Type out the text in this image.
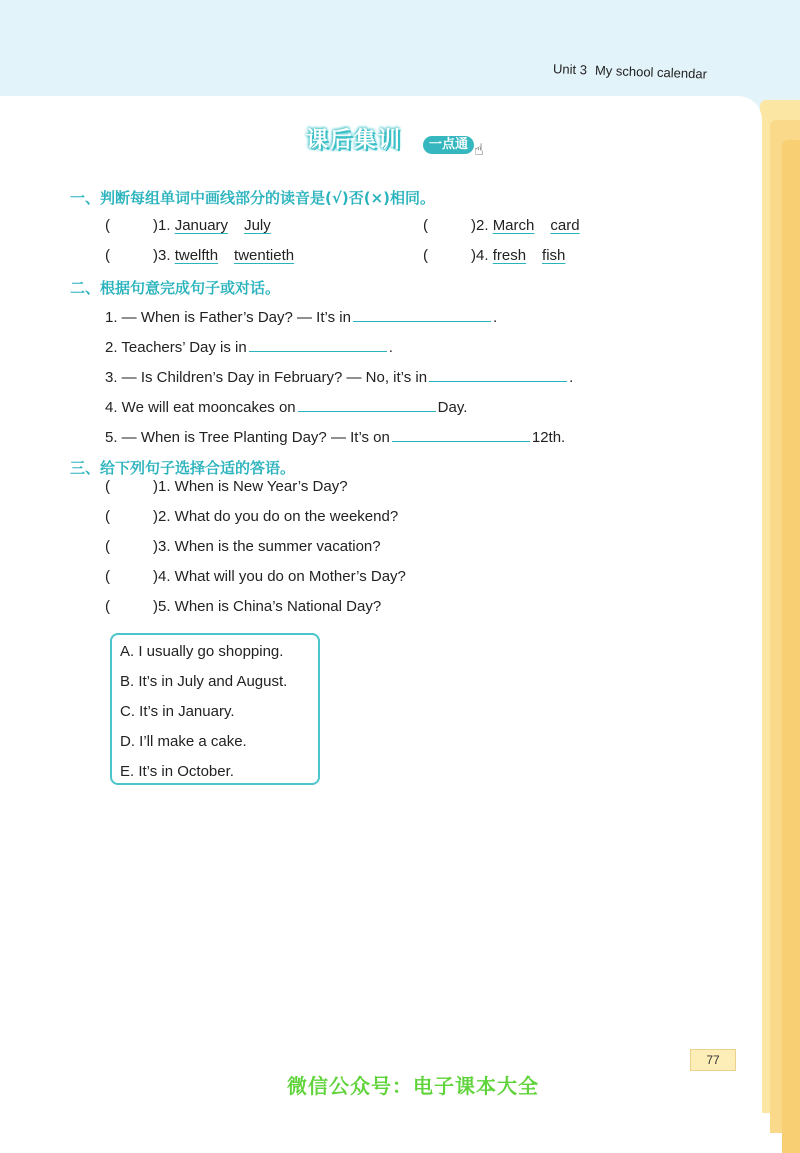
Unit 3 My school calendar
课后集训	一点通 ☝
一、判断每组单词中画线部分的读音是(√)否(×)相同。
(	)1. January July	(	)2. March card
(	)3. twelfth twentieth	(	)4. fresh fish
二、根据句意完成句子或对话。
1. — When is Father’s Day? — It’s in	.
2. Teachers’ Day is in	.
3. — Is Children’s Day in February? — No, it’s in	.
4. We will eat mooncakes on	Day.
5. — When is Tree Planting Day? — It’s on	12th.
三、给下列句子选择合适的答语。
(	)1. When is New Year’s Day?
(	)2. What do you do on the weekend?
(	)3. When is the summer vacation?
(	)4. What will you do on Mother’s Day?
(	)5. When is China’s National Day?
A. I usually go shopping.
B. It’s in July and August.
C. It’s in January.
D. I’ll make a cake.
E. It’s in October.
77
微信公众号：电子课本大全
